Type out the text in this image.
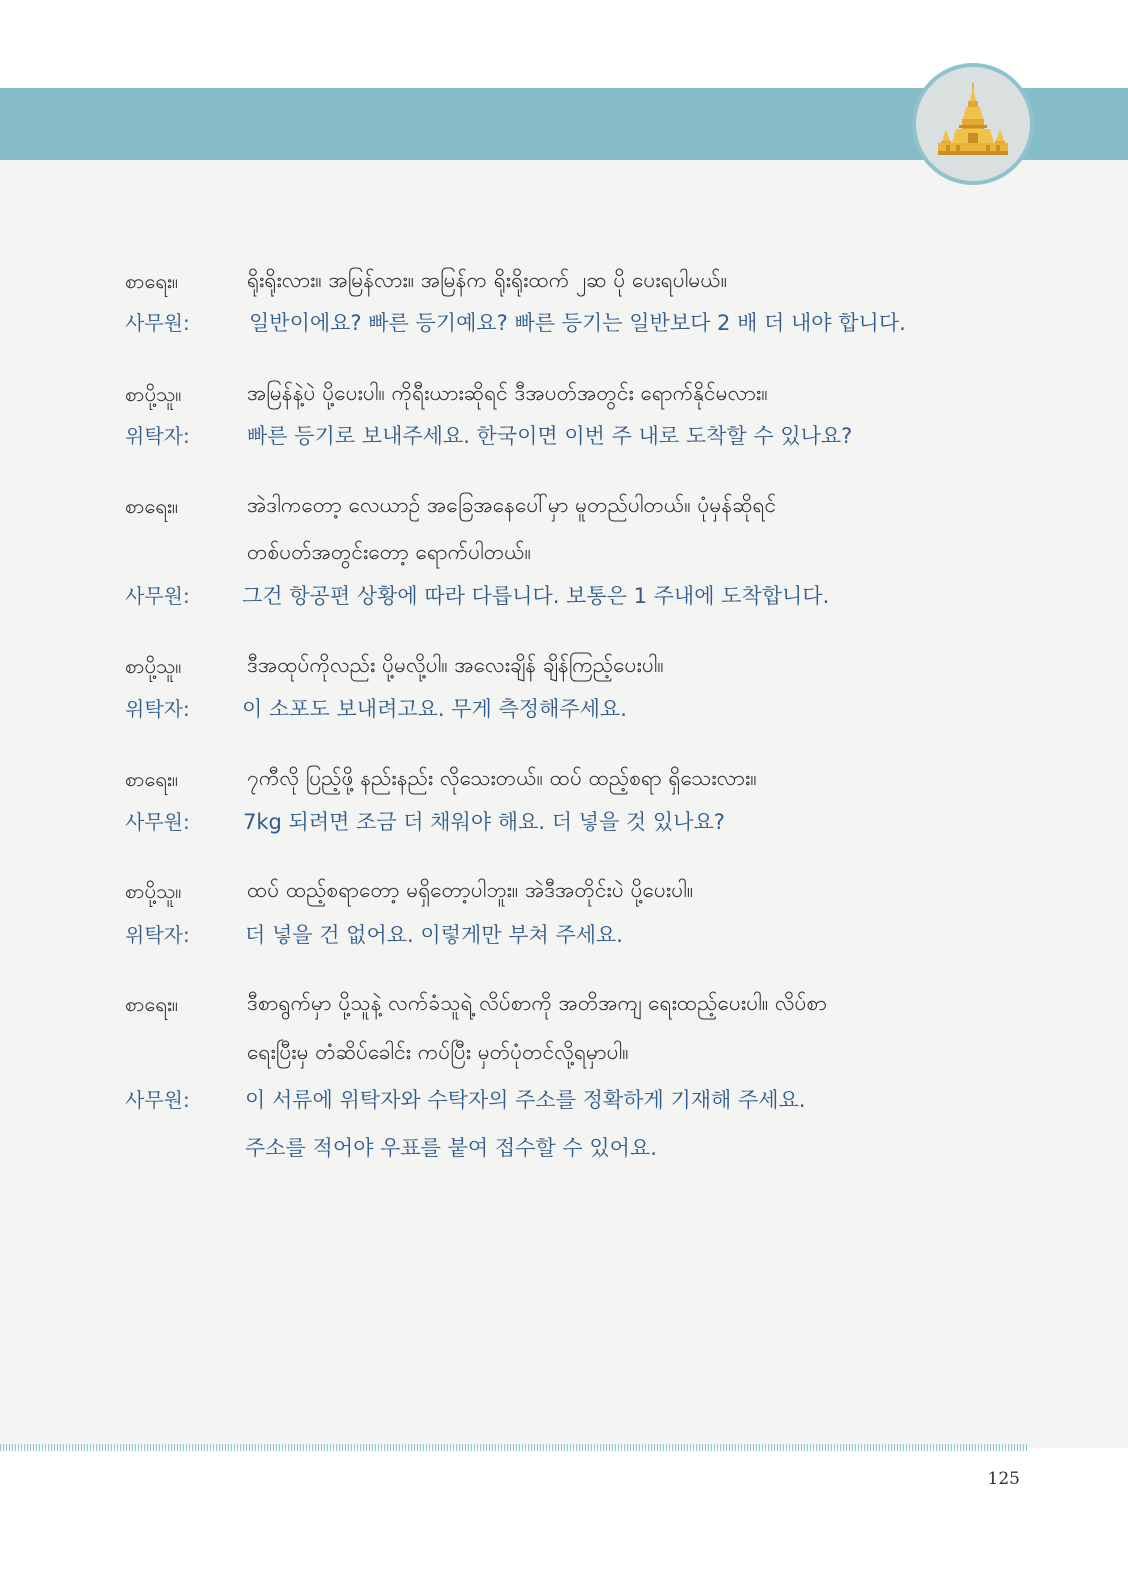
စာရေး။	ရိုးရိုးလား။ အမြန်လား။ အမြန်က ရိုးရိုးထက် ၂ဆ ပို ပေးရပါမယ်။
사무원:	일반이에요? 빠른 등기예요? 빠른 등기는 일반보다 2 배 더 내야 합니다.
စာပို့သူ။	အမြန်နဲ့ပဲ ပို့ပေးပါ။ ကိုရီးယားဆိုရင် ဒီအပတ်အတွင်း ရောက်နိုင်မလား။
위탁자:	빠른 등기로 보내주세요. 한국이면 이번 주 내로 도착할 수 있나요?
စာရေး။	အဲဒါကတော့ လေယာဉ် အခြေအနေပေါ်မှာ မူတည်ပါတယ်။ ပုံမှန်ဆိုရင်
တစ်ပတ်အတွင်းတော့ ရောက်ပါတယ်။
사무원: 그건 항공편 상황에 따라 다릅니다. 보통은 1 주내에 도착합니다.
စာပို့သူ။	ဒီအထုပ်ကိုလည်း ပို့မလို့ပါ။ အလေးချိန် ချိန်ကြည့်ပေးပါ။
위탁자: 이 소포도 보내려고요. 무게 측정해주세요.
စာရေး။	၇ကီလို ပြည့်ဖို့ နည်းနည်း လိုသေးတယ်။ ထပ် ထည့်စရာ ရှိသေးလား။
사무원:	7kg 되려면 조금 더 채워야 해요. 더 넣을 것 있나요?
စာပို့သူ။	ထပ် ထည့်စရာတော့ မရှိတော့ပါဘူး။ အဲဒီအတိုင်းပဲ ပို့ပေးပါ။
위탁자:	더 넣을 건 없어요. 이렇게만 부쳐 주세요.
စာရေး။	ဒီစာရွက်မှာ ပို့သူနဲ့ လက်ခံသူရဲ့ လိပ်စာကို အတိအကျ ရေးထည့်ပေးပါ။ လိပ်စာ
ရေးပြီးမှ တံဆိပ်ခေါင်း ကပ်ပြီး မှတ်ပုံတင်လို့ရမှာပါ။
사무원:	이 서류에 위탁자와 수탁자의 주소를 정확하게 기재해 주세요.
주소를 적어야 우표를 붙여 접수할 수 있어요.
125
